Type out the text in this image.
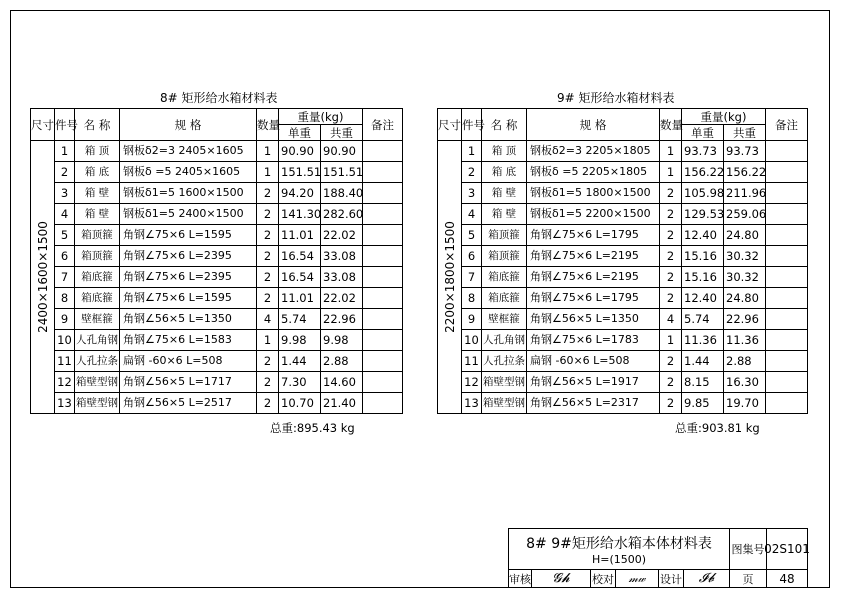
8# 矩形给水箱材料表
尺寸	件号	名 称	规 格	数量	重量(kg)		备注
					单重	共重	

2400×1600×1500	1	箱 顶	钢板δ2=3 2405×1605	1	90.90	90.90	
	2	箱 底	钢板δ =5 2405×1605	1	151.51	151.51	
	3	箱 壁	钢板δ1=5 1600×1500	2	94.20	188.40	
	4	箱 壁	钢板δ1=5 2400×1500	2	141.30	282.60	
	5	箱顶箍	角钢∠75×6 L=1595	2	11.01	22.02	
	6	箱顶箍	角钢∠75×6 L=2395	2	16.54	33.08	
	7	箱底箍	角钢∠75×6 L=2395	2	16.54	33.08	
	8	箱底箍	角钢∠75×6 L=1595	2	11.01	22.02	
	9	壁框箍	角钢∠56×5 L=1350	4	5.74	22.96	
	10	人孔角钢	角钢∠75×6 L=1583	1	9.98	9.98	
	11	人孔拉条	扁钢 -60×6 L=508	2	1.44	2.88	
	12	箱壁型钢	角钢∠56×5 L=1717	2	7.30	14.60	
	13	箱壁型钢	角钢∠56×5 L=2517	2	10.70	21.40	
总重:895.43 kg
9# 矩形给水箱材料表
尺寸	件号	名 称	规 格	数量	重量(kg)		备注
					单重	共重	

2200×1800×1500	1	箱 顶	钢板δ2=3 2205×1805	1	93.73	93.73	
	2	箱 底	钢板δ =5 2205×1805	1	156.22	156.22	
	3	箱 壁	钢板δ1=5 1800×1500	2	105.98	211.96	
	4	箱 壁	钢板δ1=5 2200×1500	2	129.53	259.06	
	5	箱顶箍	角钢∠75×6 L=1795	2	12.40	24.80	
	6	箱顶箍	角钢∠75×6 L=2195	2	15.16	30.32	
	7	箱底箍	角钢∠75×6 L=2195	2	15.16	30.32	
	8	箱底箍	角钢∠75×6 L=1795	2	12.40	24.80	
	9	壁框箍	角钢∠56×5 L=1350	4	5.74	22.96	
	10	人孔角钢	角钢∠75×6 L=1783	1	11.36	11.36	
	11	人孔拉条	扁钢 -60×6 L=508	2	1.44	2.88	
	12	箱壁型钢	角钢∠56×5 L=1917	2	8.15	16.30	
	13	箱壁型钢	角钢∠56×5 L=2317	2	9.85	19.70	
总重:903.81 kg
8# 9#矩形给水箱本体材料表
H=(1500)
图集号 02S101
审核	𝓖𝓱	校对	𝓂𝓌	设计	𝓘𝓫	页	48
